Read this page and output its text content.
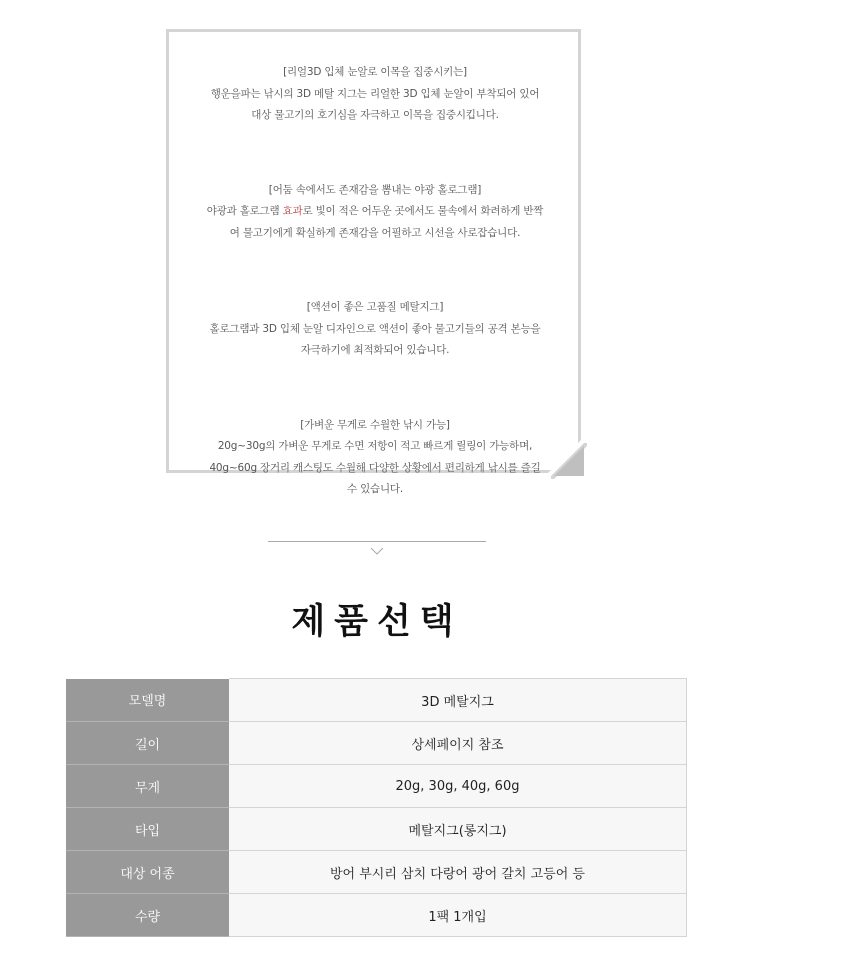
[리얼3D 입체 눈알로 이목을 집중시키는]
행운을파는 낚시의 3D 메탈 지그는 리얼한 3D 입체 눈알이 부착되어 있어
대상 물고기의 호기심을 자극하고 이목을 집중시킵니다.
[어둠 속에서도 존재감을 뽐내는 야광 홀로그램]
야광과 홀로그램 효과로 빛이 적은 어두운 곳에서도 물속에서 화려하게 반짝
여 물고기에게 확실하게 존재감을 어필하고 시선을 사로잡습니다.
[액션이 좋은 고품질 메탈지그]
홀로그램과 3D 입체 눈알 디자인으로 액션이 좋아 물고기들의 공격 본능을
자극하기에 최적화되어 있습니다.
[가벼운 무게로 수월한 낚시 가능]
20g~30g의 가벼운 무게로 수면 저항이 적고 빠르게 릴링이 가능하며,
40g~60g 장거리 캐스팅도 수월해 다양한 상황에서 편리하게 낚시를 즐길
수 있습니다.
제품선택
모델명	3D 메탈지그
길이	상세페이지 참조
무게	20g, 30g, 40g, 60g
타입	메탈지그(롱지그)
대상 어종	방어 부시리 삼치 다랑어 광어 갈치 고등어 등
수량	1팩 1개입
